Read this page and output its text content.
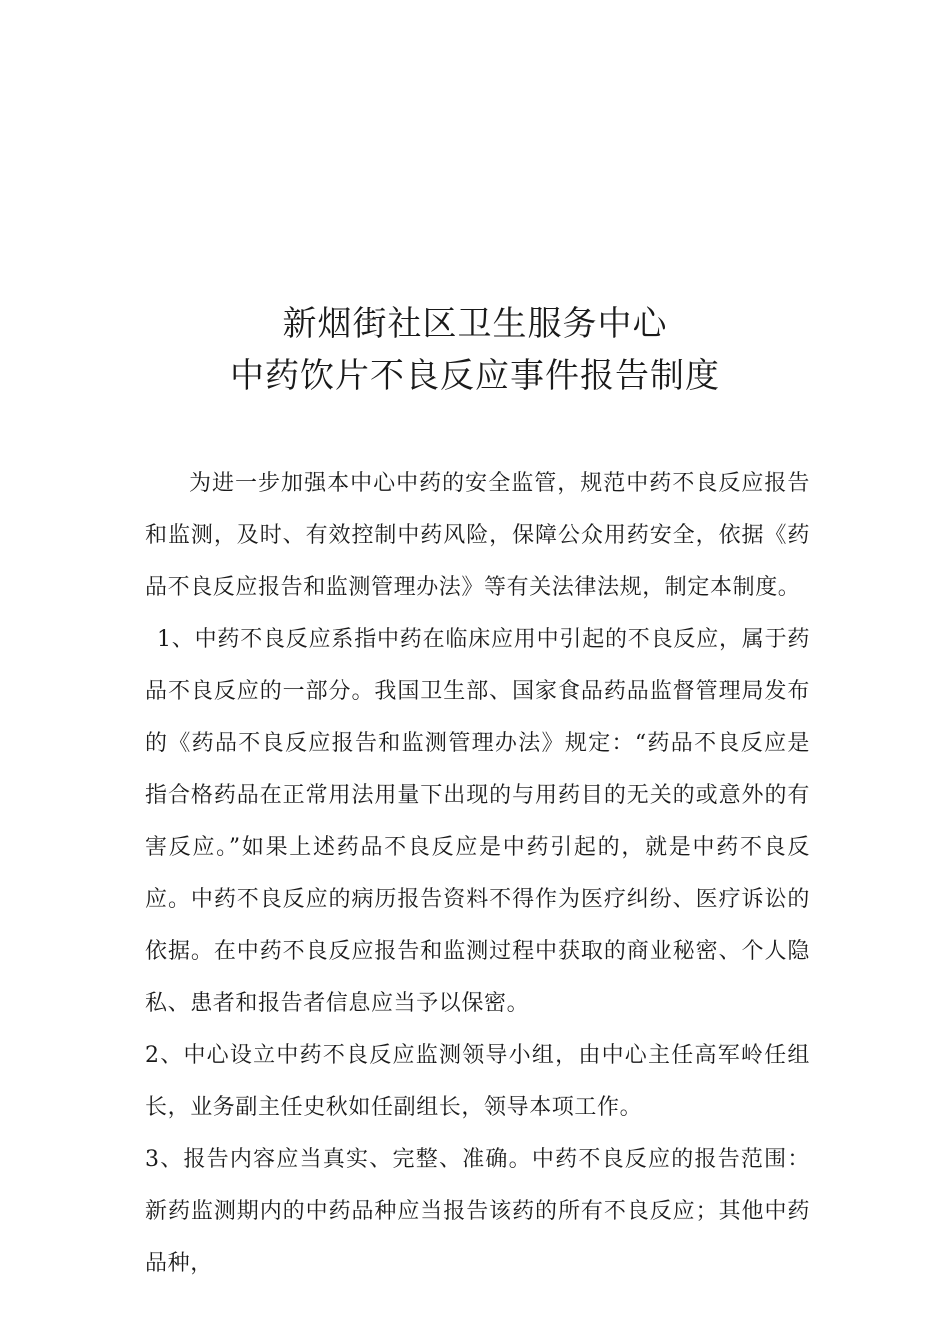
新烟街社区卫生服务中心

中药饮片不良反应事件报告制度

为进一步加强本中心中药的安全监管，规范中药不良反应报告和监测，及时、有效控制中药风险，保障公众用药安全，依据《药品不良反应报告和监测管理办法》等有关法律法规，制定本制度。

1、中药不良反应系指中药在临床应用中引起的不良反应，属于药品不良反应的一部分。我国卫生部、国家食品药品监督管理局发布的《药品不良反应报告和监测管理办法》规定：“药品不良反应是指合格药品在正常用法用量下出现的与用药目的无关的或意外的有害反应。”如果上述药品不良反应是中药引起的，就是中药不良反应。中药不良反应的病历报告资料不得作为医疗纠纷、医疗诉讼的依据。在中药不良反应报告和监测过程中获取的商业秘密、个人隐私、患者和报告者信息应当予以保密。

2、中心设立中药不良反应监测领导小组，由中心主任高军岭任组长，业务副主任史秋如任副组长，领导本项工作。

3、报告内容应当真实、完整、准确。中药不良反应的报告范围：新药监测期内的中药品种应当报告该药的所有不良反应；其他中药品种，
